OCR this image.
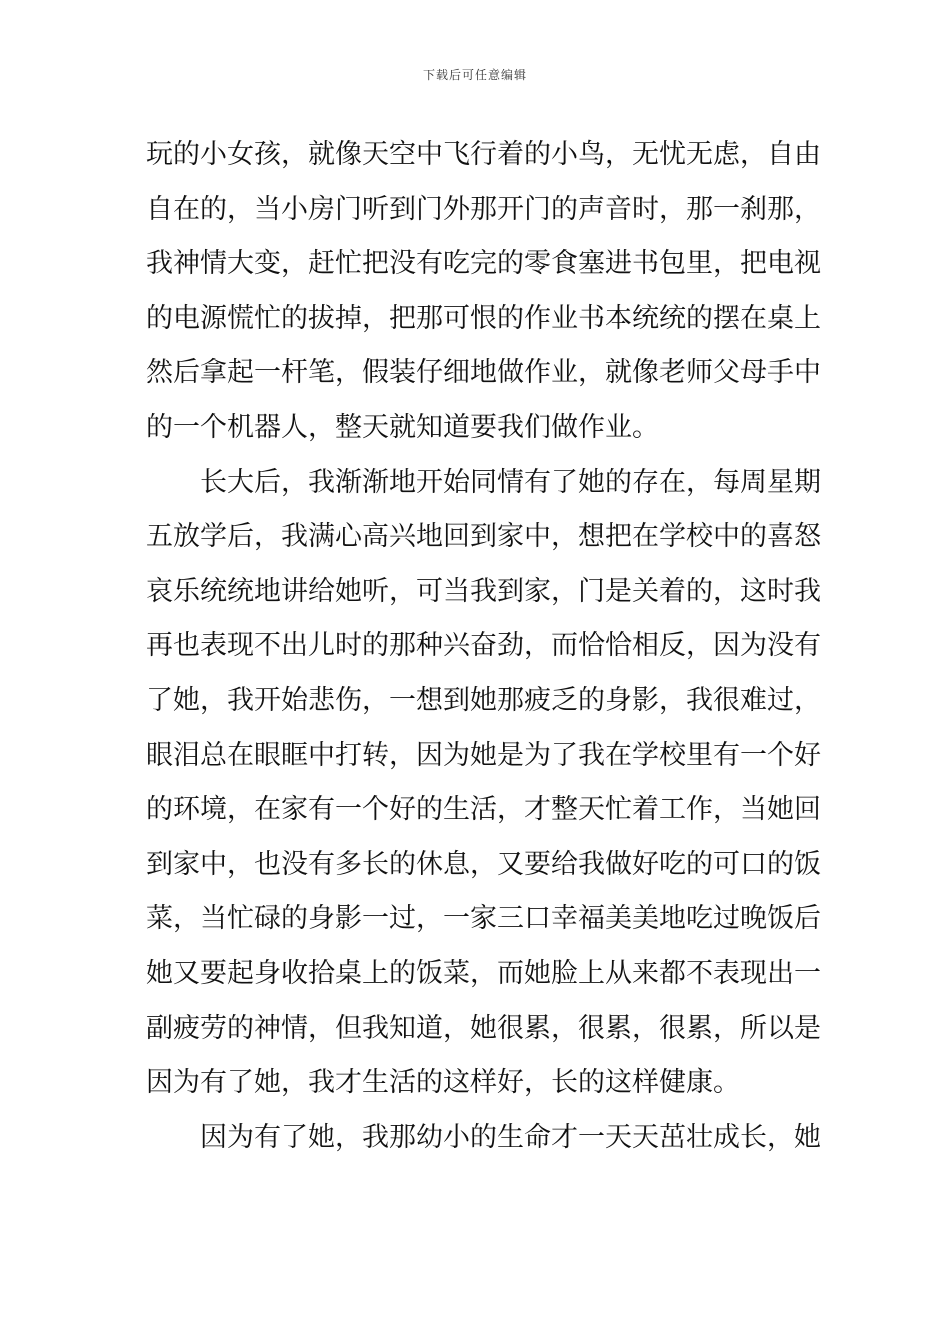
下载后可任意编辑
玩的小女孩，就像天空中飞行着的小鸟，无忧无虑，自由
自在的，当小房门听到门外那开门的声音时，那一刹那，
我神情大变，赶忙把没有吃完的零食塞进书包里，把电视
的电源慌忙的拔掉，把那可恨的作业书本统统的摆在桌上
然后拿起一杆笔，假装仔细地做作业，就像老师父母手中
的一个机器人，整天就知道要我们做作业。
长大后，我渐渐地开始同情有了她的存在，每周星期
五放学后，我满心高兴地回到家中，想把在学校中的喜怒
哀乐统统地讲给她听，可当我到家，门是关着的，这时我
再也表现不出儿时的那种兴奋劲，而恰恰相反，因为没有
了她，我开始悲伤，一想到她那疲乏的身影，我很难过，
眼泪总在眼眶中打转，因为她是为了我在学校里有一个好
的环境，在家有一个好的生活，才整天忙着工作，当她回
到家中，也没有多长的休息，又要给我做好吃的可口的饭
菜，当忙碌的身影一过，一家三口幸福美美地吃过晚饭后
她又要起身收拾桌上的饭菜，而她脸上从来都不表现出一
副疲劳的神情，但我知道，她很累，很累，很累，所以是
因为有了她，我才生活的这样好，长的这样健康。
因为有了她，我那幼小的生命才一天天茁壮成长，她
